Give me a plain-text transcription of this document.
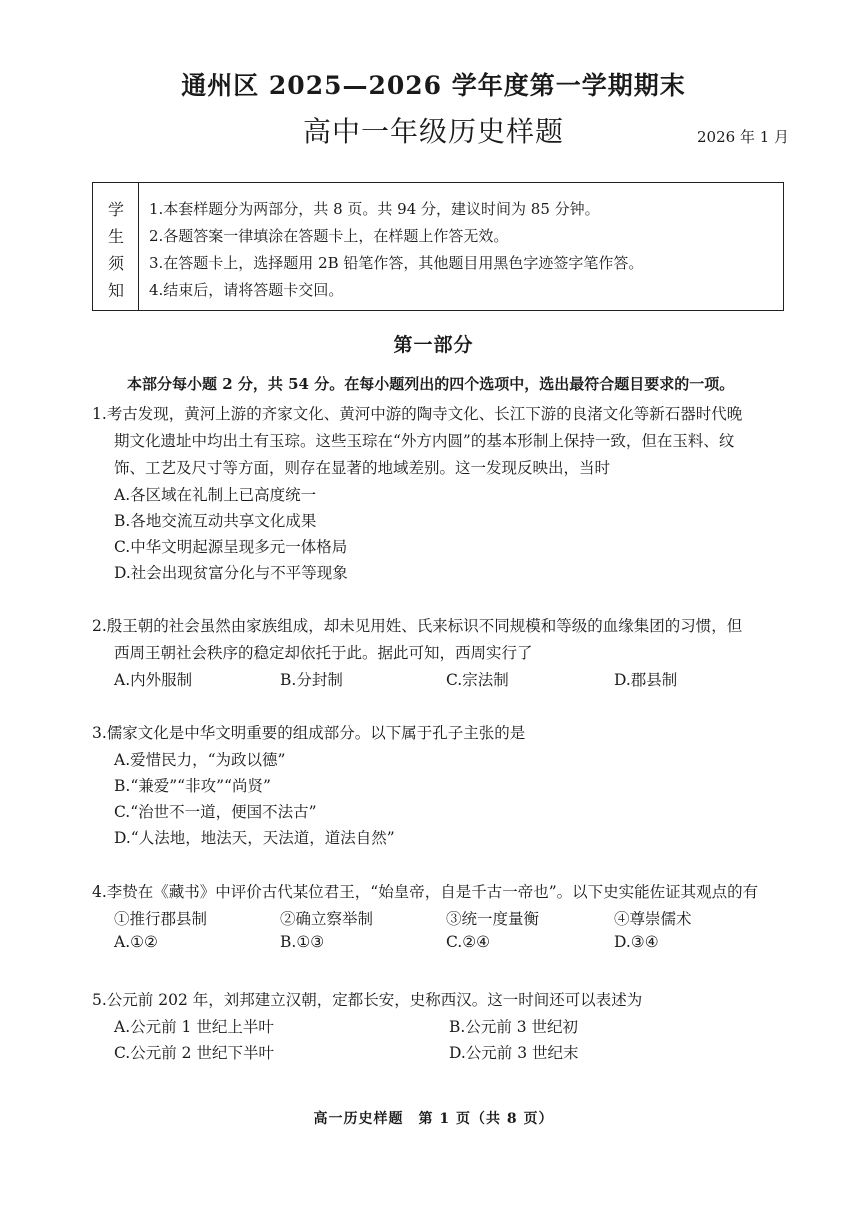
通州区 2025—2026 学年度第一学期期末
高中一年级历史样题	2026 年 1 月
学
生
须
知
1.本套样题分为两部分，共 8 页。共 94 分，建议时间为 85 分钟。
2.各题答案一律填涂在答题卡上，在样题上作答无效。
3.在答题卡上，选择题用 2B 铅笔作答，其他题目用黑色字迹签字笔作答。
4.结束后，请将答题卡交回。
第一部分
本部分每小题 2 分，共 54 分。在每小题列出的四个选项中，选出最符合题目要求的一项。
1.考古发现，黄河上游的齐家文化、黄河中游的陶寺文化、长江下游的良渚文化等新石器时代晚
期文化遗址中均出土有玉琮。这些玉琮在“外方内圆”的基本形制上保持一致，但在玉料、纹
饰、工艺及尺寸等方面，则存在显著的地域差别。这一发现反映出，当时
A.各区域在礼制上已高度统一
B.各地交流互动共享文化成果
C.中华文明起源呈现多元一体格局
D.社会出现贫富分化与不平等现象
2.殷王朝的社会虽然由家族组成，却未见用姓、氏来标识不同规模和等级的血缘集团的习惯，但
西周王朝社会秩序的稳定却依托于此。据此可知，西周实行了
A.内外服制	B.分封制	C.宗法制	D.郡县制
3.儒家文化是中华文明重要的组成部分。以下属于孔子主张的是
A.爱惜民力，“为政以德”
B.“兼爱”“非攻”“尚贤”
C.“治世不一道，便国不法古”
D.“人法地，地法天，天法道，道法自然”
4.李贽在《藏书》中评价古代某位君王，“始皇帝，自是千古一帝也”。以下史实能佐证其观点的有
①推行郡县制	②确立察举制	③统一度量衡	④尊崇儒术
A.①②	B.①③	C.②④	D.③④
5.公元前 202 年，刘邦建立汉朝，定都长安，史称西汉。这一时间还可以表述为
A.公元前 1 世纪上半叶	B.公元前 3 世纪初
C.公元前 2 世纪下半叶	D.公元前 3 世纪末
高一历史样题　第 1 页（共 8 页）
